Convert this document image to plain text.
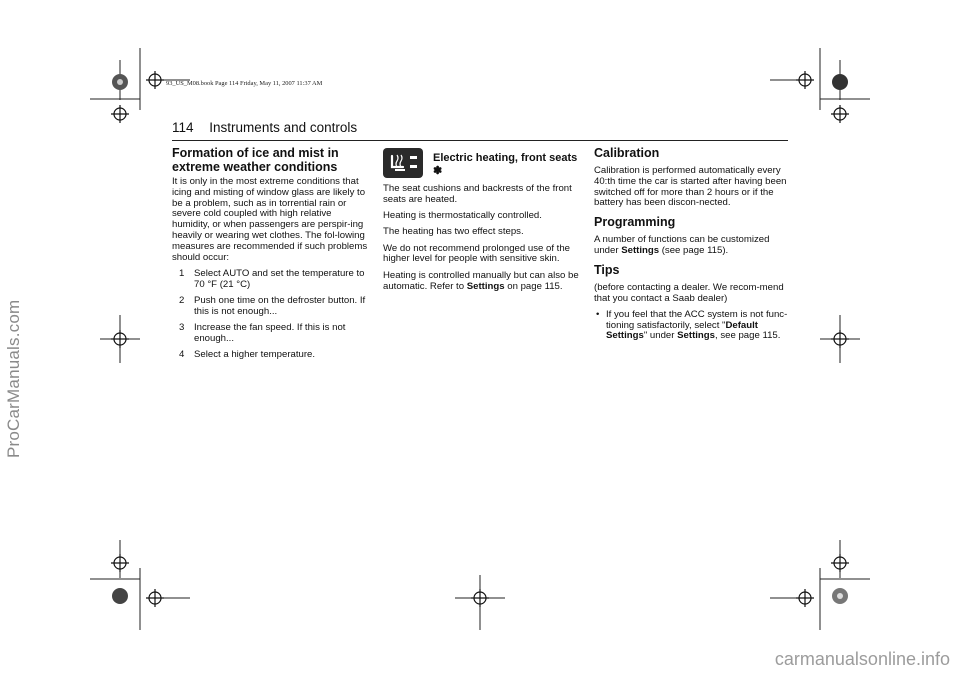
93_US_M08.book Page 114 Friday, May 11, 2007 11:37 AM
114 Instruments and controls
ProCarManuals.com
Formation of ice and mist in extreme weather conditions

It is only in the most extreme conditions that icing and misting of window glass are likely to be a problem, such as in torrential rain or severe cold coupled with high relative humidity, or when passengers are perspir-ing heavily or wearing wet clothes. The fol-lowing measures are recommended if such problems should occur:

1	Select AUTO and set the temperature to 70 °F (21 °C)
2	Push one time on the defroster button. If this is not enough...
3	Increase the fan speed. If this is not enough...
4	Select a higher temperature.
Electric heating, front seats ✽

The seat cushions and backrests of the front seats are heated.

Heating is thermostatically controlled.

The heating has two effect steps.

We do not recommend prolonged use of the higher level for people with sensitive skin.

Heating is controlled manually but can also be automatic. Refer to Settings on page 115.

Calibration

Calibration is performed automatically every 40:th time the car is started after having been switched off for more than 2 hours or if the battery has been discon-nected.

Programming

A number of functions can be customized under Settings (see page 115).

Tips

(before contacting a dealer. We recom-mend that you contact a Saab dealer)

• If you feel that the ACC system is not func-tioning satisfactorily, select "Default Settings" under Settings, see page 115.
carmanualsonline.info
